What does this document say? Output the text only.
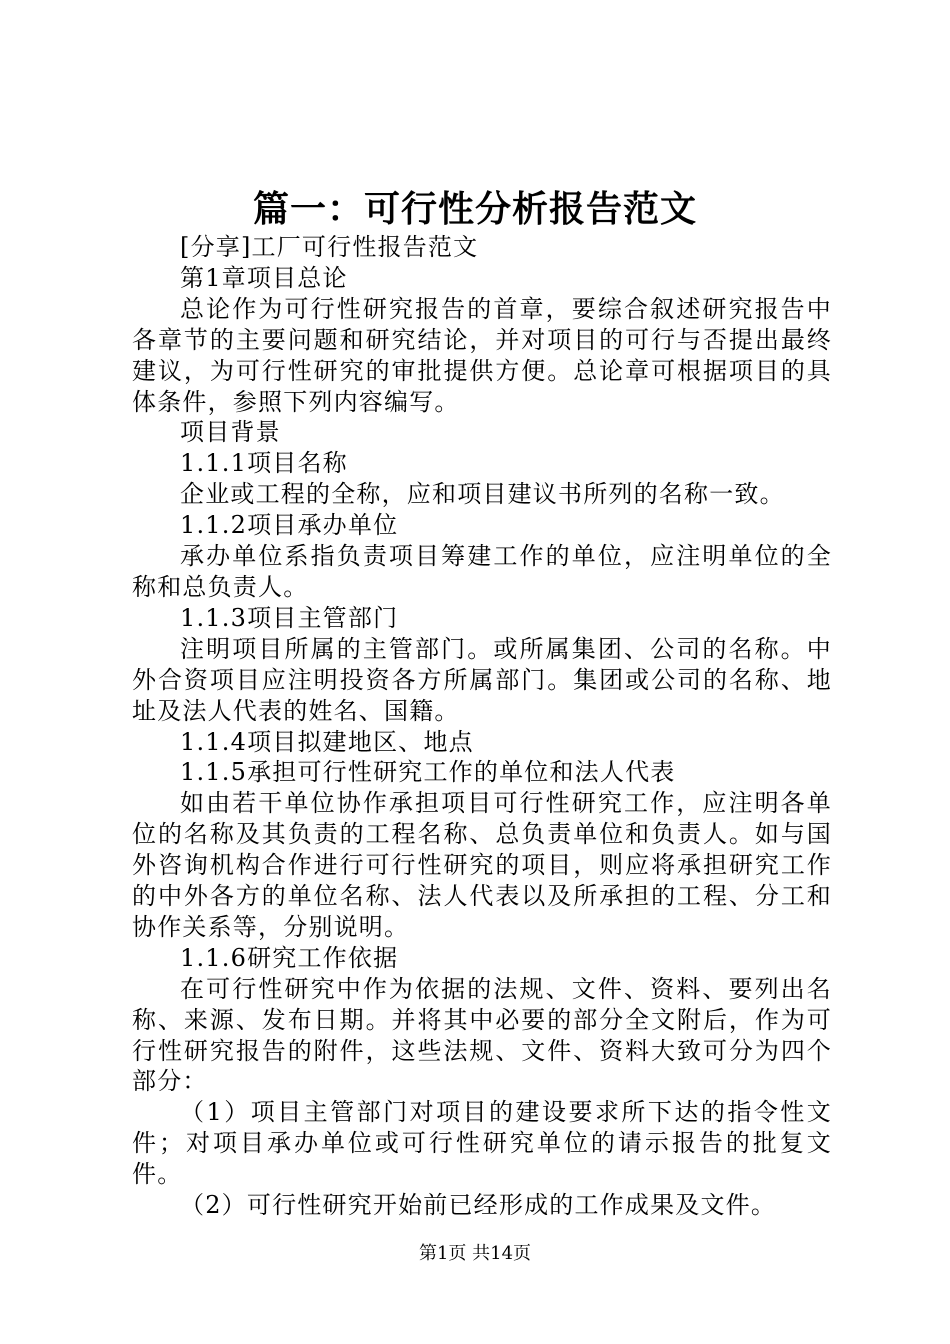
篇一：可行性分析报告范文

[分享]工厂可行性报告范文

第1章项目总论

总论作为可行性研究报告的首章，要综合叙述研究报告中各章节的主要问题和研究结论，并对项目的可行与否提出最终建议，为可行性研究的审批提供方便。总论章可根据项目的具体条件，参照下列内容编写。

项目背景

1.1.1项目名称

企业或工程的全称，应和项目建议书所列的名称一致。

1.1.2项目承办单位

承办单位系指负责项目筹建工作的单位，应注明单位的全称和总负责人。

1.1.3项目主管部门

注明项目所属的主管部门。或所属集团、公司的名称。中外合资项目应注明投资各方所属部门。集团或公司的名称、地址及法人代表的姓名、国籍。

1.1.4项目拟建地区、地点

1.1.5承担可行性研究工作的单位和法人代表

如由若干单位协作承担项目可行性研究工作，应注明各单位的名称及其负责的工程名称、总负责单位和负责人。如与国外咨询机构合作进行可行性研究的项目，则应将承担研究工作的中外各方的单位名称、法人代表以及所承担的工程、分工和协作关系等，分别说明。

1.1.6研究工作依据

在可行性研究中作为依据的法规、文件、资料、要列出名称、来源、发布日期。并将其中必要的部分全文附后，作为可行性研究报告的附件，这些法规、文件、资料大致可分为四个部分：

（1）项目主管部门对项目的建设要求所下达的指令性文件；对项目承办单位或可行性研究单位的请示报告的批复文件。

（2）可行性研究开始前已经形成的工作成果及文件。

第1页 共14页
